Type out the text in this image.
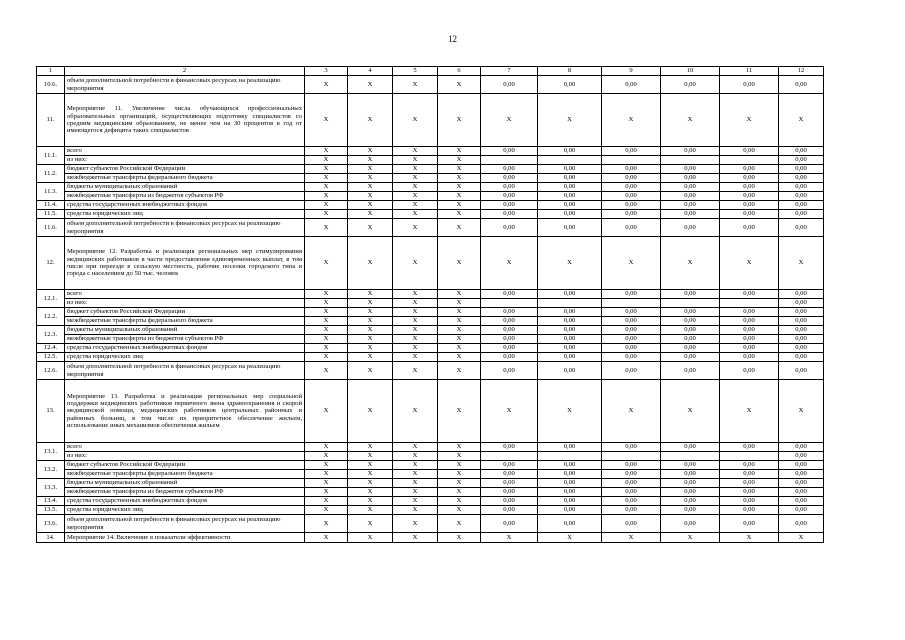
12
1	2	3	4	5	6	7	8	9	10	11	12
10.6.	объем дополнительной потребности в финансовых ресурсах на реализацию мероприятия	X	X	X	X	0,00	0,00	0,00	0,00	0,00	0,00
11.	Мероприятие 11. Увеличение числа обучающихся профессиональных образовательных организаций, осуществляющих подготовку специалистов со средним медицинским образованием, не менее чем на 30 процентов в год от имеющегося дефицита таких специалистов	X	X	X	X	X	X	X	X	X	X
11.1.	всего	X	X	X	X	0,00	0,00	0,00	0,00	0,00	0,00
	из них:	X	X	X	X						0,00
11.2.	бюджет субъектов Российской Федерации	X	X	X	X	0,00	0,00	0,00	0,00	0,00	0,00
	межбюджетные трансферты федерального бюджета	X	X	X	X	0,00	0,00	0,00	0,00	0,00	0,00
11.3.	бюджеты муниципальных образований	X	X	X	X	0,00	0,00	0,00	0,00	0,00	0,00
	межбюджетные трансферты из бюджетов субъектов РФ	X	X	X	X	0,00	0,00	0,00	0,00	0,00	0,00
11.4.	средства государственных внебюджетных фондов	X	X	X	X	0,00	0,00	0,00	0,00	0,00	0,00
11.5.	средства юридических лиц	X	X	X	X	0,00	0,00	0,00	0,00	0,00	0,00
11.6.	объем дополнительной потребности в финансовых ресурсах на реализацию мероприятия	X	X	X	X	0,00	0,00	0,00	0,00	0,00	0,00
12.	Мероприятие 12. Разработка и реализация региональных мер стимулирования медицинских работников в части предоставления единовременных выплат, в том числе при переезде в сельскую местность, рабочие поселки городского типа и города с населением до 50 тыс. человек	X	X	X	X	X	X	X	X	X	X
12.1.	всего	X	X	X	X	0,00	0,00	0,00	0,00	0,00	0,00
	из них:	X	X	X	X						0,00
12.2.	бюджет субъектов Российской Федерации	X	X	X	X	0,00	0,00	0,00	0,00	0,00	0,00
	межбюджетные трансферты федерального бюджета	X	X	X	X	0,00	0,00	0,00	0,00	0,00	0,00
12.3.	бюджеты муниципальных образований	X	X	X	X	0,00	0,00	0,00	0,00	0,00	0,00
	межбюджетные трансферты из бюджетов субъектов РФ	X	X	X	X	0,00	0,00	0,00	0,00	0,00	0,00
12.4.	средства государственных внебюджетных фондов	X	X	X	X	0,00	0,00	0,00	0,00	0,00	0,00
12.5.	средства юридических лиц	X	X	X	X	0,00	0,00	0,00	0,00	0,00	0,00
12.6.	объем дополнительной потребности в финансовых ресурсах на реализацию мероприятия	X	X	X	X	0,00	0,00	0,00	0,00	0,00	0,00
13.	Мероприятие 13. Разработка и реализация региональных мер социальной поддержки медицинских работников первичного звена здравоохранения и скорой медицинской помощи, медицинских работников центральных районных и районных больниц, в том числе их приоритетное обеспечение жильем, использование иных механизмов обеспечения жильем	X	X	X	X	X	X	X	X	X	X
13.1.	всего	X	X	X	X	0,00	0,00	0,00	0,00	0,00	0,00
	из них:	X	X	X	X						0,00
13.2.	бюджет субъектов Российской Федерации	X	X	X	X	0,00	0,00	0,00	0,00	0,00	0,00
	межбюджетные трансферты федерального бюджета	X	X	X	X	0,00	0,00	0,00	0,00	0,00	0,00
13.3.	бюджеты муниципальных образований	X	X	X	X	0,00	0,00	0,00	0,00	0,00	0,00
	межбюджетные трансферты из бюджетов субъектов РФ	X	X	X	X	0,00	0,00	0,00	0,00	0,00	0,00
13.4.	средства государственных внебюджетных фондов	X	X	X	X	0,00	0,00	0,00	0,00	0,00	0,00
13.5.	средства юридических лиц	X	X	X	X	0,00	0,00	0,00	0,00	0,00	0,00
13.6.	объем дополнительной потребности в финансовых ресурсах на реализацию мероприятия	X	X	X	X	0,00	0,00	0,00	0,00	0,00	0,00
14.	Мероприятие 14. Включение в показатели эффективности	X	X	X	X	X	X	X	X	X	X
